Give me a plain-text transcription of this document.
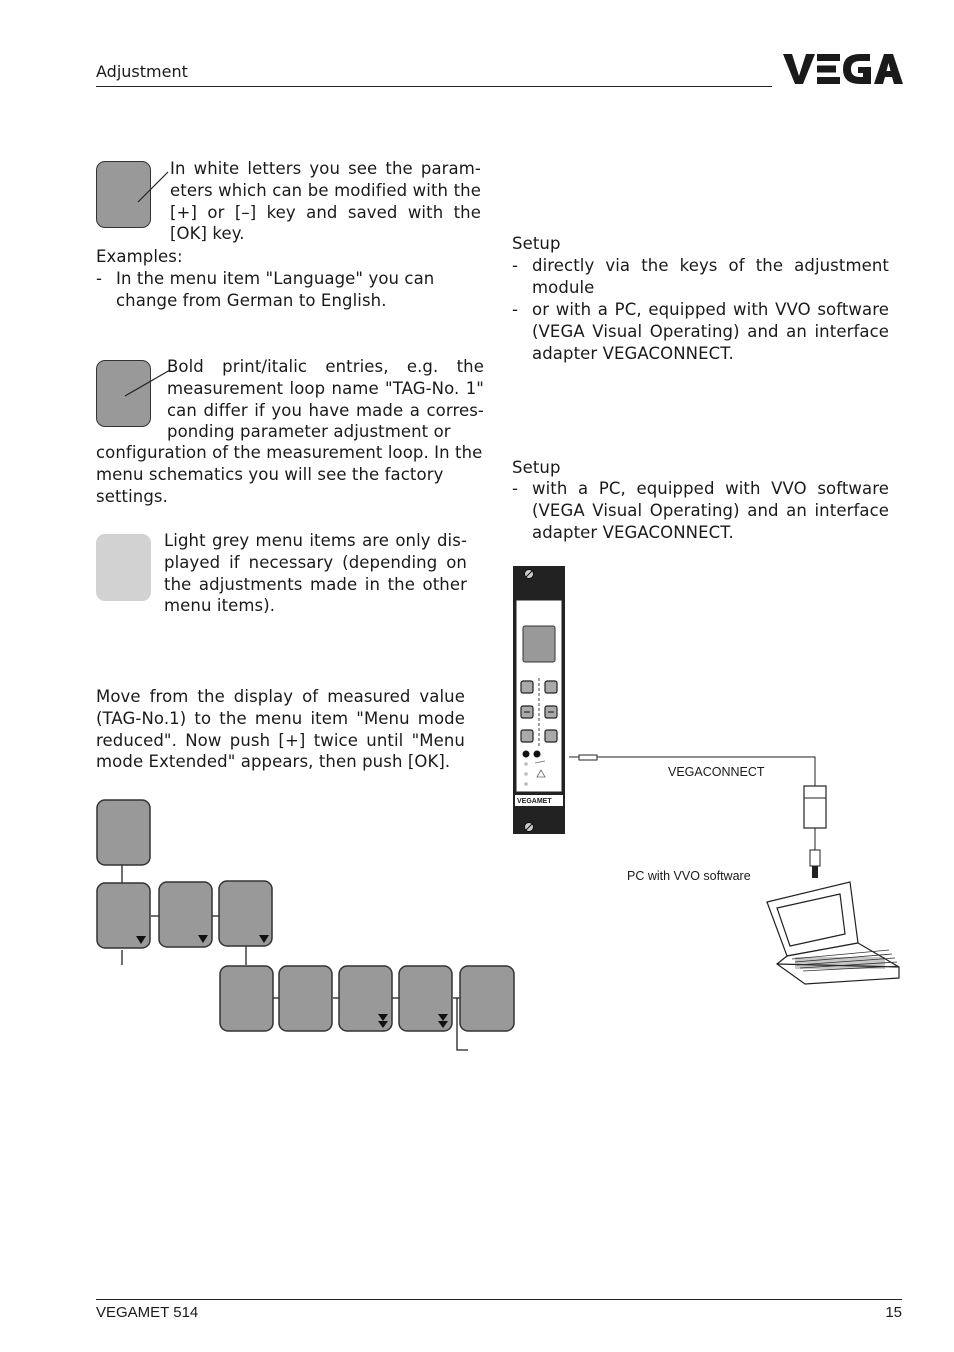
Adjustment
In white letters you see the param- eters which can be modified with the [+] or [–] key and saved with the [OK] key.
Examples:
- In the menu item "Language" you can change from German to English.
Bold print/italic entries, e.g. the measurement loop name "TAG-No. 1" can differ if you have made a corres- ponding parameter adjustment or
configuration of the measurement loop. In the menu schematics you will see the factory settings.
Light grey menu items are only dis- played if necessary (depending on the adjustments made in the other menu items).
Move from the display of measured value (TAG-No.1) to the menu item "Menu mode reduced". Now push [+] twice until "Menu mode Extended" appears, then push [OK].
Setup
- directly via the keys of the adjustment module
- or with a PC, equipped with VVO software (VEGA Visual Operating) and an interface adapter VEGACONNECT.
Setup
- with a PC, equipped with VVO software (VEGA Visual Operating) and an interface adapter VEGACONNECT.
VEGAMET
VEGACONNECT
PC with VVO software
VEGAMET 514	15
